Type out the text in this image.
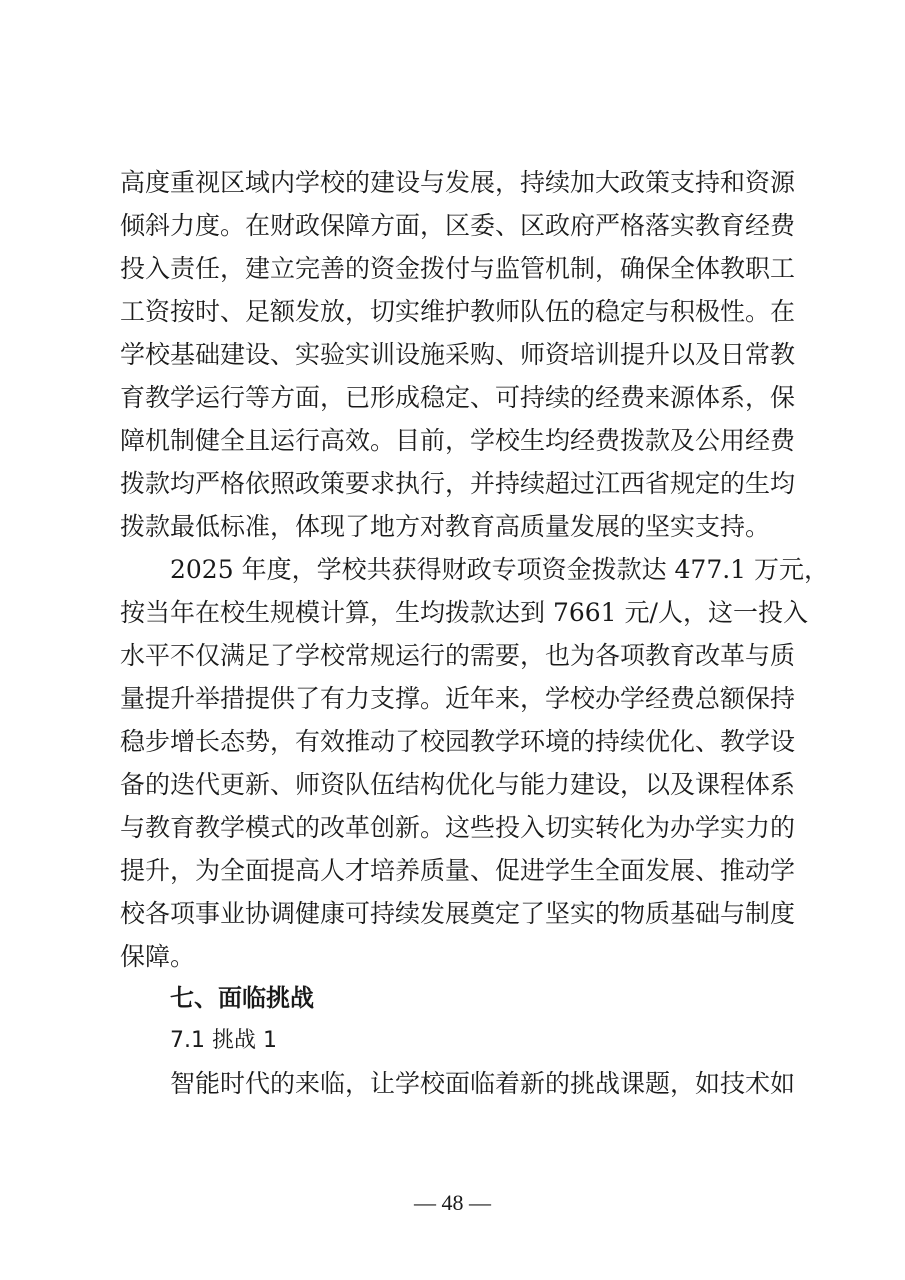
高度重视区域内学校的建设与发展，持续加大政策支持和资源
倾斜力度。在财政保障方面，区委、区政府严格落实教育经费
投入责任，建立完善的资金拨付与监管机制，确保全体教职工
工资按时、足额发放，切实维护教师队伍的稳定与积极性。在
学校基础建设、实验实训设施采购、师资培训提升以及日常教
育教学运行等方面，已形成稳定、可持续的经费来源体系，保
障机制健全且运行高效。目前，学校生均经费拨款及公用经费
拨款均严格依照政策要求执行，并持续超过江西省规定的生均
拨款最低标准，体现了地方对教育高质量发展的坚实支持。
2025 年度，学校共获得财政专项资金拨款达 477.1 万元，
按当年在校生规模计算，生均拨款达到 7661 元/人，这一投入
水平不仅满足了学校常规运行的需要，也为各项教育改革与质
量提升举措提供了有力支撑。近年来，学校办学经费总额保持
稳步增长态势，有效推动了校园教学环境的持续优化、教学设
备的迭代更新、师资队伍结构优化与能力建设，以及课程体系
与教育教学模式的改革创新。这些投入切实转化为办学实力的
提升，为全面提高人才培养质量、促进学生全面发展、推动学
校各项事业协调健康可持续发展奠定了坚实的物质基础与制度
保障。
七、面临挑战
7.1 挑战 1
智能时代的来临，让学校面临着新的挑战课题，如技术如
— 48 —
